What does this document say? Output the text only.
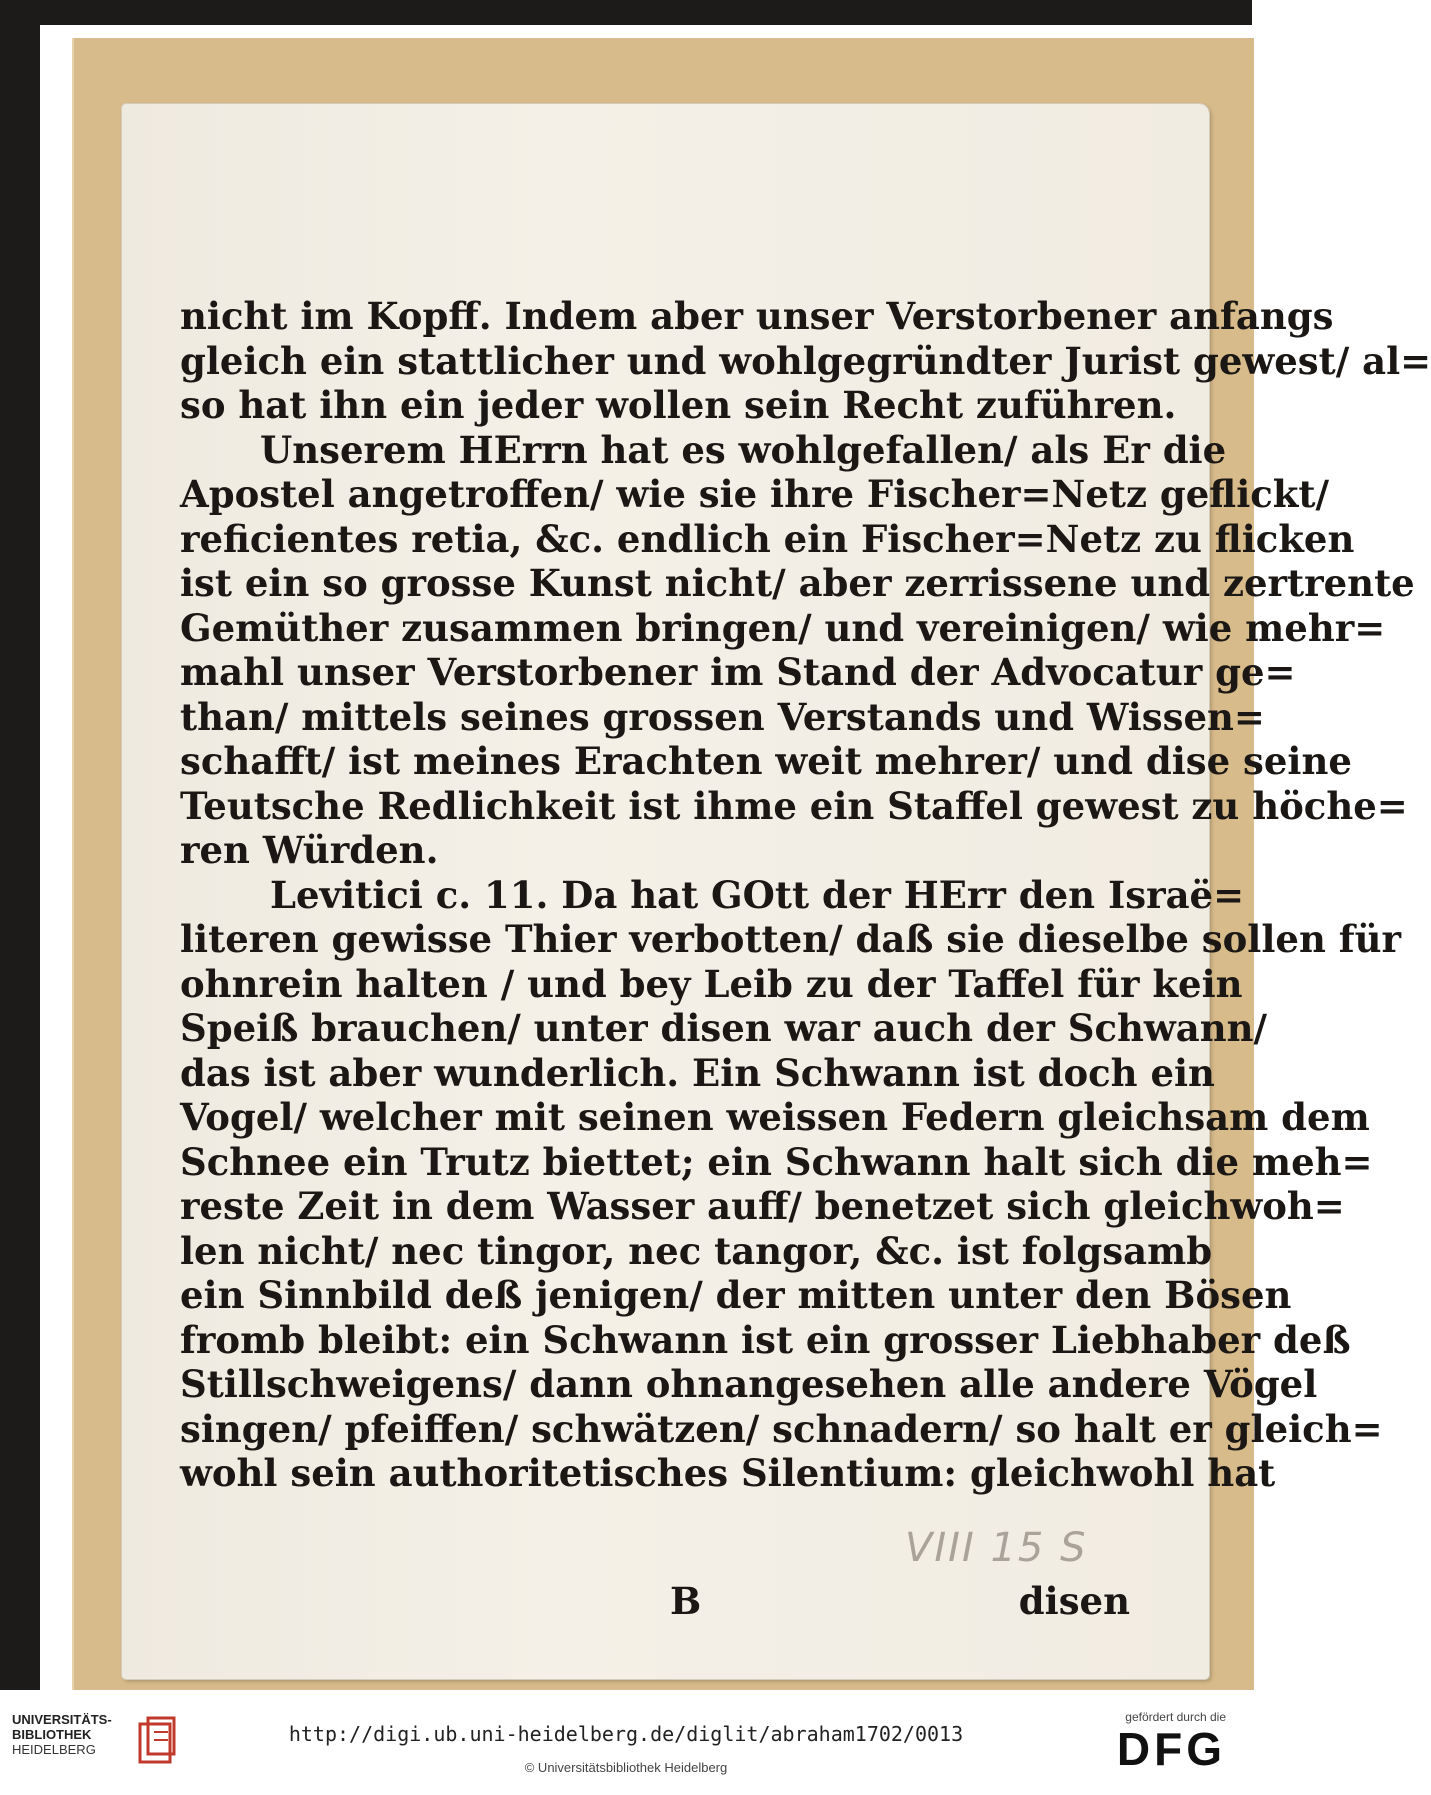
nicht im Kopff. Indem aber unser Verstorbener anfangs
gleich ein stattlicher und wohlgegründter Jurist gewest/ al=
so hat ihn ein jeder wollen sein Recht zuführen.
Unserem HErrn hat es wohlgefallen/ als Er die
Apostel angetroffen/ wie sie ihre Fischer=Netz geflickt/
reficientes retia, &c. endlich ein Fischer=Netz zu flicken
ist ein so grosse Kunst nicht/ aber zerrissene und zertrente
Gemüther zusammen bringen/ und vereinigen/ wie mehr=
mahl unser Verstorbener im Stand der Advocatur ge=
than/ mittels seines grossen Verstands und Wissen=
schafft/ ist meines Erachten weit mehrer/ und dise seine
Teutsche Redlichkeit ist ihme ein Staffel gewest zu höche=
ren Würden.
Levitici c. 11. Da hat GOtt der HErr den Israë=
literen gewisse Thier verbotten/ daß sie dieselbe sollen für
ohnrein halten / und bey Leib zu der Taffel für kein
Speiß brauchen/ unter disen war auch der Schwann/
das ist aber wunderlich. Ein Schwann ist doch ein
Vogel/ welcher mit seinen weissen Federn gleichsam dem
Schnee ein Trutz biettet; ein Schwann halt sich die meh=
reste Zeit in dem Wasser auff/ benetzet sich gleichwoh=
len nicht/ nec tingor, nec tangor, &c. ist folgsamb
ein Sinnbild deß jenigen/ der mitten unter den Bösen
fromb bleibt: ein Schwann ist ein grosser Liebhaber deß
Stillschweigens/ dann ohnangesehen alle andere Vögel
singen/ pfeiffen/ schwätzen/ schnadern/ so halt er gleich=
wohl sein authoritetisches Silentium: gleichwohl hat
B	disen
VIII 15 S
UNIVERSITÄTS-
BIBLIOTHEK
HEIDELBERG
http://digi.ub.uni-heidelberg.de/diglit/abraham1702/0013
© Universitätsbibliothek Heidelberg
gefördert durch die
DFG
